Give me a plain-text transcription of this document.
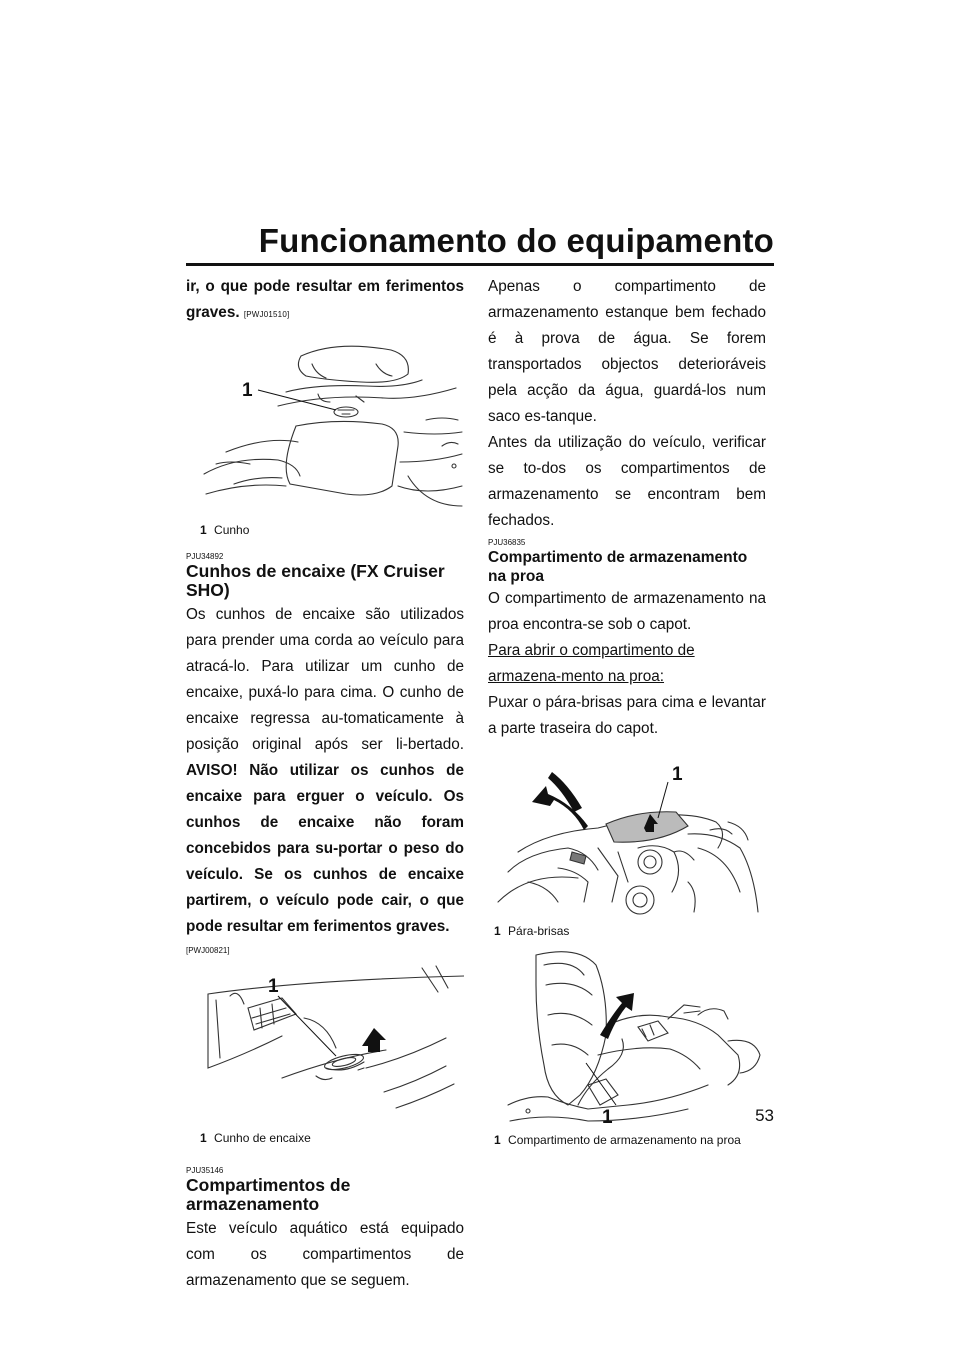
Funcionamento do equipamento

ir, o que pode resultar em ferimentos graves. [PWJ01510]

1

1 Cunho

PJU34892
Cunhos de encaixe (FX Cruiser SHO)

Os cunhos de encaixe são utilizados para prender uma corda ao veículo para atracá-lo. Para utilizar um cunho de encaixe, puxá-lo para cima. O cunho de encaixe regressa au-tomaticamente à posição original após ser li-bertado. AVISO! Não utilizar os cunhos de encaixe para erguer o veículo. Os cunhos de encaixe não foram concebidos para su-portar o peso do veículo. Se os cunhos de encaixe partirem, o veículo pode cair, o que pode resultar em ferimentos graves.

[PWJ00821]
1

1 Cunho de encaixe

PJU35146
Compartimentos de armazenamento

Este veículo aquático está equipado com os compartimentos de armazenamento que se seguem.

Apenas o compartimento de armazenamento estanque bem fechado é à prova de água. Se forem transportados objectos deterioráveis pela acção da água, guardá-los num saco es-tanque.

Antes da utilização do veículo, verificar se to-dos os compartimentos de armazenamento se encontram bem fechados.

PJU36835
Compartimento de armazenamento na proa

O compartimento de armazenamento na proa encontra-se sob o capot.

Para abrir o compartimento de armazena-mento na proa:

Puxar o pára-brisas para cima e levantar a parte traseira do capot.

1

1 Pára-brisas

1

1 Compartimento de armazenamento na proa

53
